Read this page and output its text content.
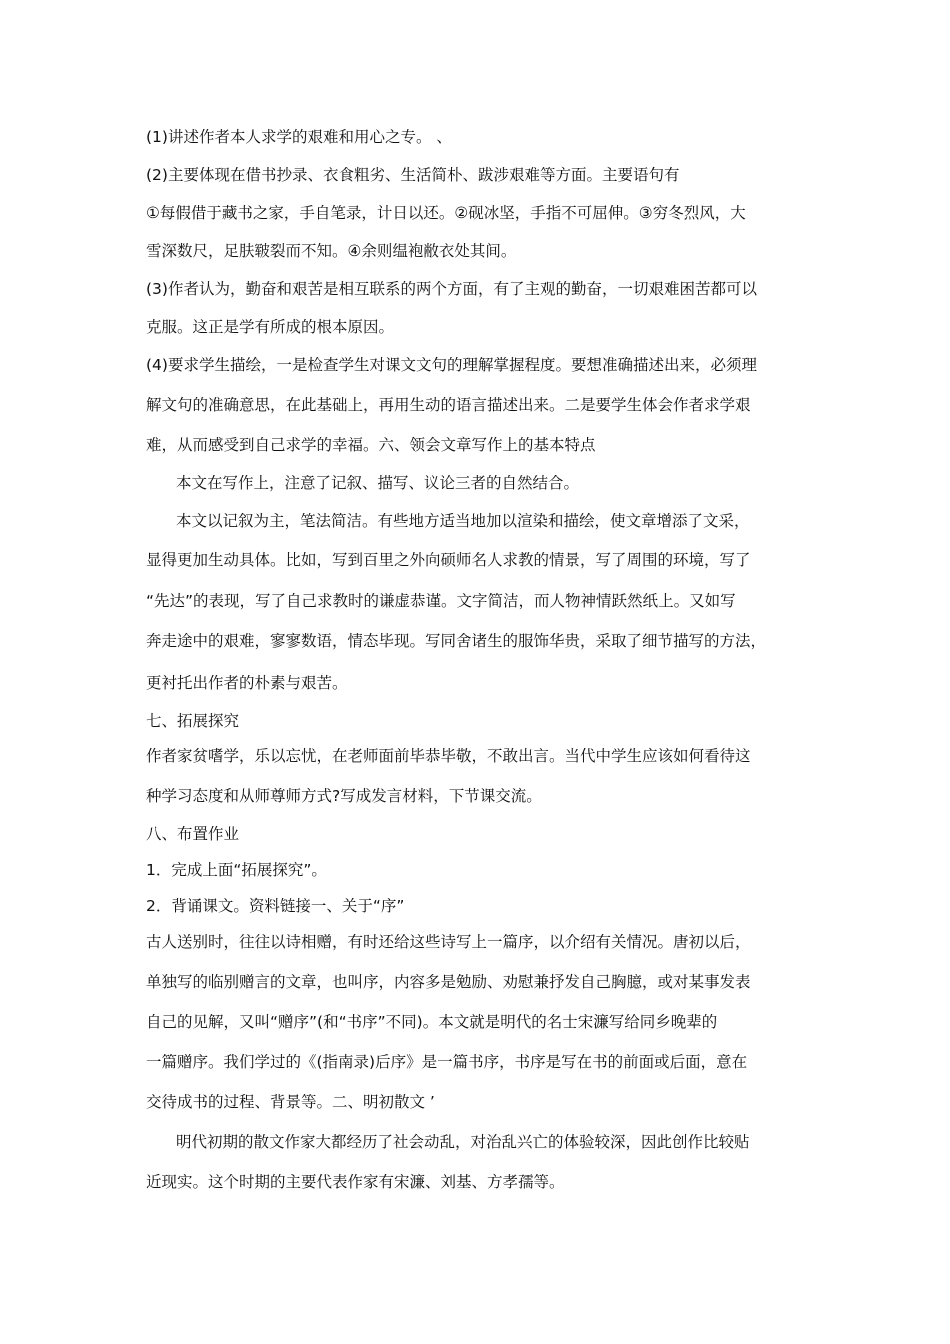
(1)讲述作者本人求学的艰难和用心之专。 、
(2)主要体现在借书抄录、衣食粗劣、生活简朴、跋涉艰难等方面。主要语句有
①每假借于藏书之家，手自笔录，计日以还。②砚冰坚，手指不可屈伸。③穷冬烈风，大
雪深数尺，足肤皲裂而不知。④余则缊袍敝衣处其间。
(3)作者认为，勤奋和艰苦是相互联系的两个方面，有了主观的勤奋，一切艰难困苦都可以
克服。这正是学有所成的根本原因。
(4)要求学生描绘，一是检查学生对课文文句的理解掌握程度。要想准确描述出来，必须理
解文句的准确意思，在此基础上，再用生动的语言描述出来。二是要学生体会作者求学艰
难，从而感受到自己求学的幸福。六、领会文章写作上的基本特点
本文在写作上，注意了记叙、描写、议论三者的自然结合。
本文以记叙为主，笔法简洁。有些地方适当地加以渲染和描绘，使文章增添了文采，
显得更加生动具体。比如，写到百里之外向硕师名人求教的情景，写了周围的环境，写了
“先达”的表现，写了自己求教时的谦虚恭谨。文字简洁，而人物神情跃然纸上。又如写
奔走途中的艰难，寥寥数语，情态毕现。写同舍诸生的服饰华贵，采取了细节描写的方法，
更衬托出作者的朴素与艰苦。
七、拓展探究
作者家贫嗜学，乐以忘忧，在老师面前毕恭毕敬，不敢出言。当代中学生应该如何看待这
种学习态度和从师尊师方式?写成发言材料，下节课交流。
八、布置作业
1．完成上面“拓展探究”。
2．背诵课文。资料链接一、关于“序”
古人送别时，往往以诗相赠，有时还给这些诗写上一篇序，以介绍有关情况。唐初以后，
单独写的临别赠言的文章，也叫序，内容多是勉励、劝慰兼抒发自己胸臆，或对某事发表
自己的见解，又叫“赠序”(和“书序”不同)。本文就是明代的名士宋濂写给同乡晚辈的
一篇赠序。我们学过的《(指南录)后序》是一篇书序，书序是写在书的前面或后面，意在
交待成书的过程、背景等。二、明初散文 ’
明代初期的散文作家大都经历了社会动乱，对治乱兴亡的体验较深，因此创作比较贴
近现实。这个时期的主要代表作家有宋濂、刘基、方孝孺等。
